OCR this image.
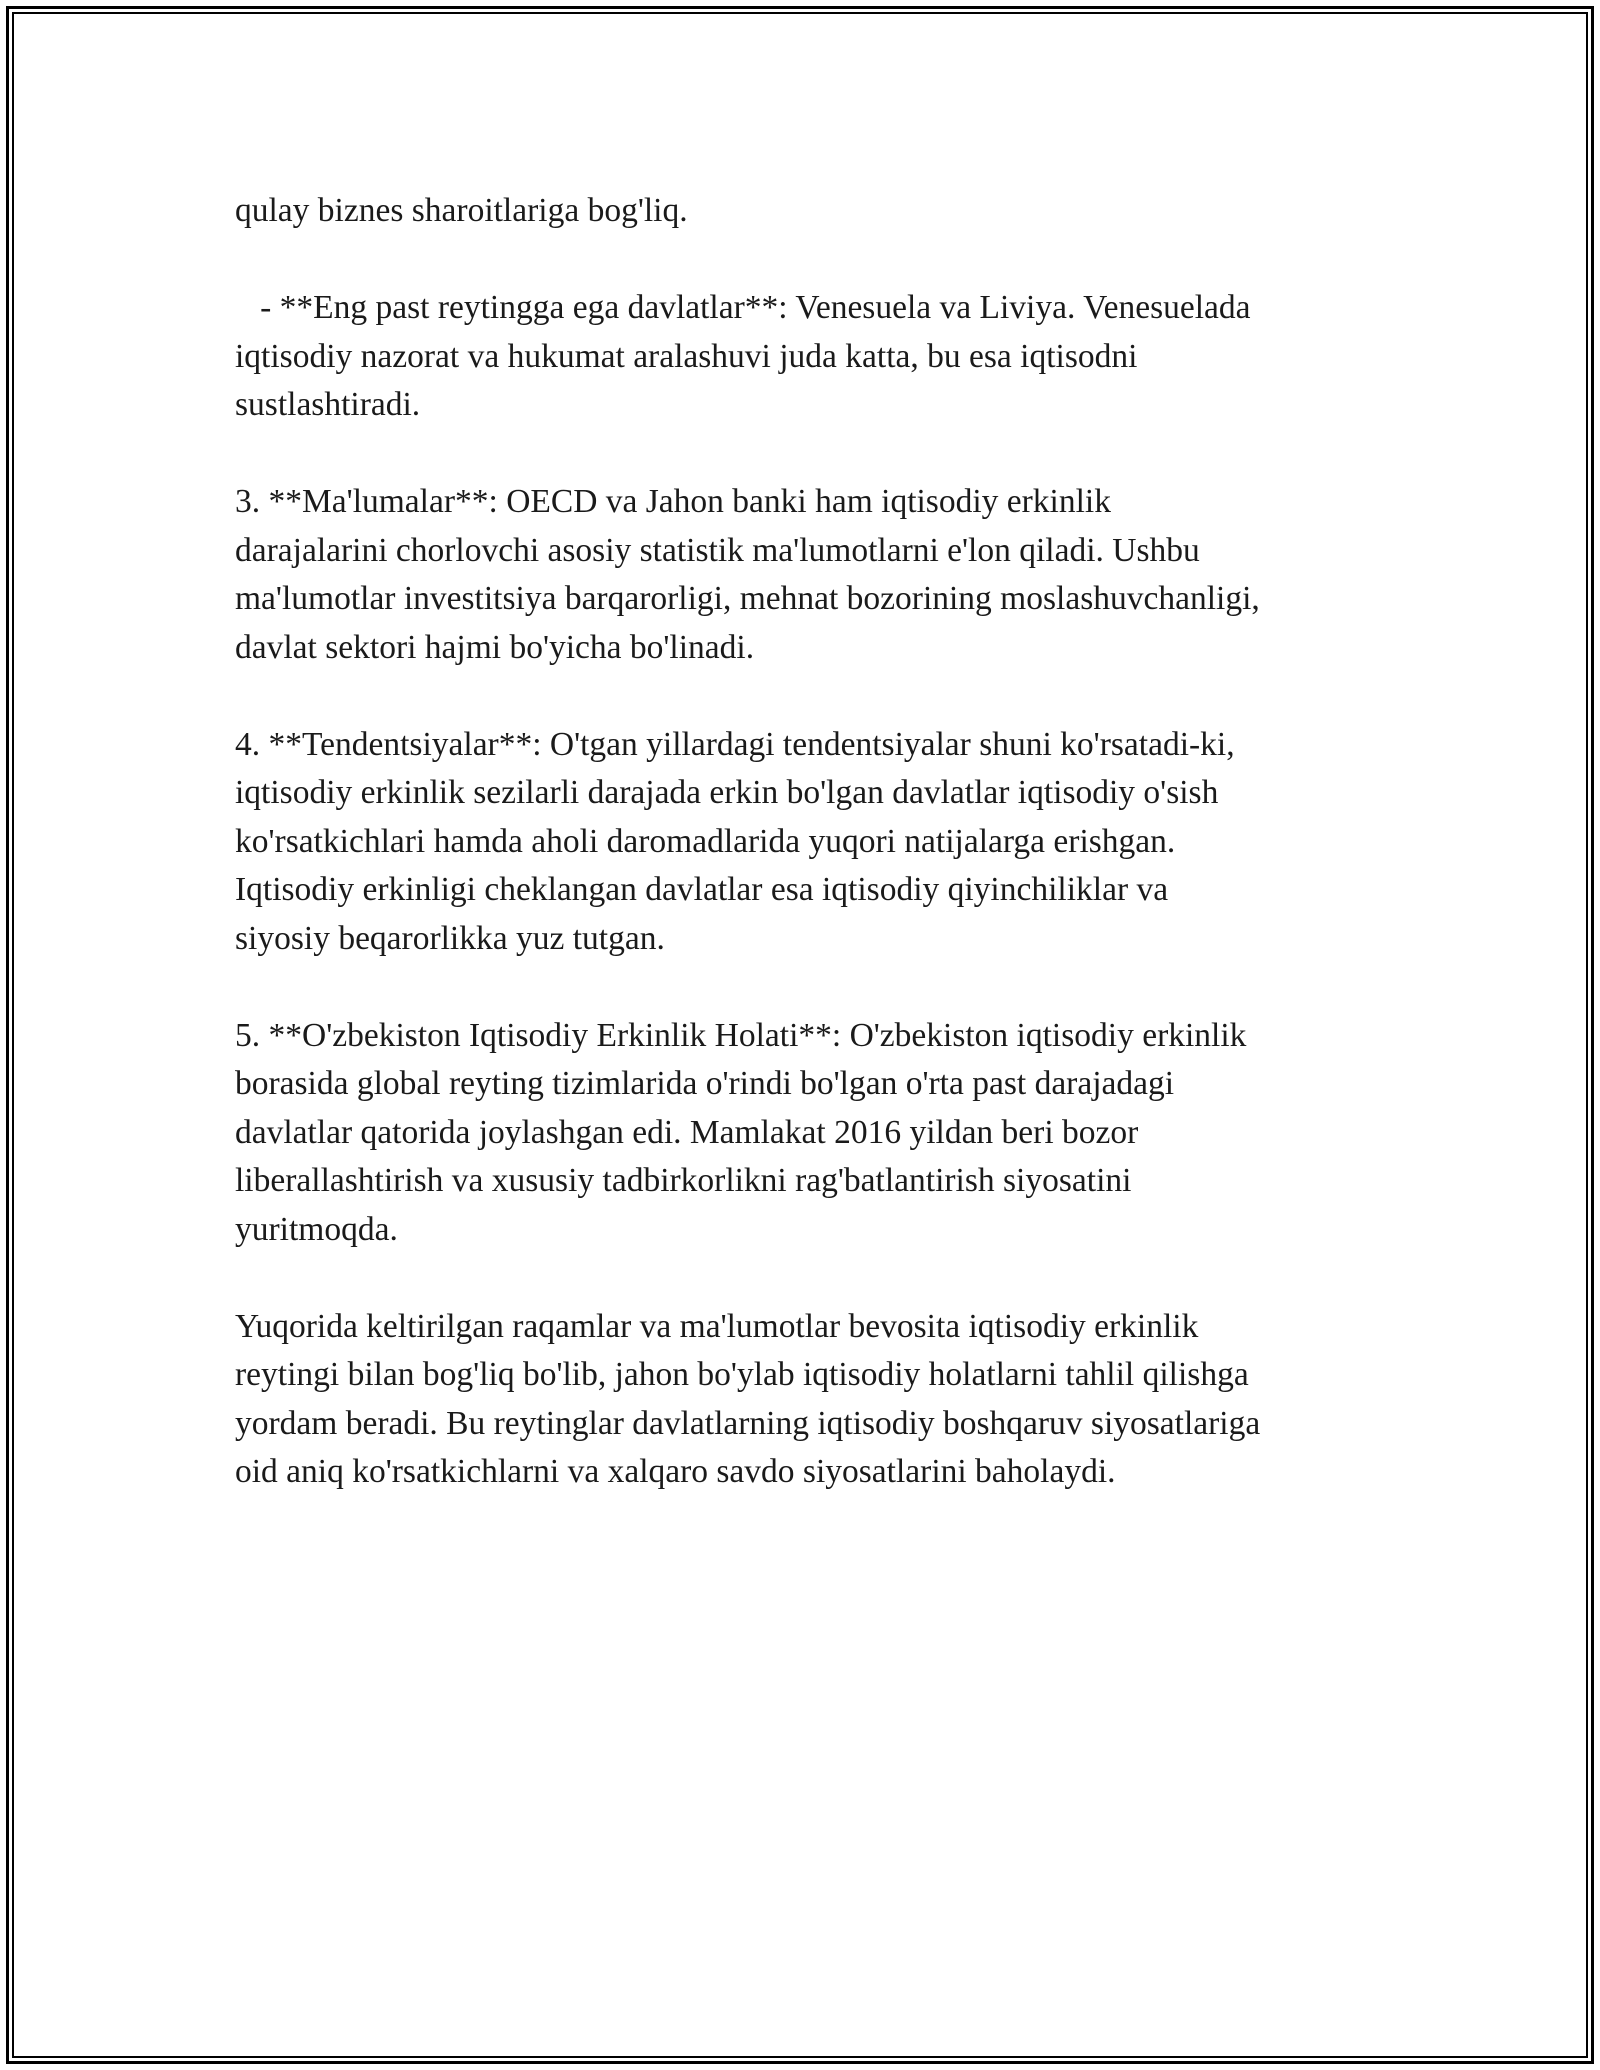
qulay biznes sharoitlariga bog'liq.
- **Eng past reytingga ega davlatlar**: Venesuela va Liviya. Venesuelada
iqtisodiy nazorat va hukumat aralashuvi juda katta, bu esa iqtisodni
sustlashtiradi.
3. **Ma'lumalar**: OECD va Jahon banki ham iqtisodiy erkinlik
darajalarini chorlovchi asosiy statistik ma'lumotlarni e'lon qiladi. Ushbu
ma'lumotlar investitsiya barqarorligi, mehnat bozorining moslashuvchanligi,
davlat sektori hajmi bo'yicha bo'linadi.
4. **Tendentsiyalar**: O'tgan yillardagi tendentsiyalar shuni ko'rsatadi-ki,
iqtisodiy erkinlik sezilarli darajada erkin bo'lgan davlatlar iqtisodiy o'sish
ko'rsatkichlari hamda aholi daromadlarida yuqori natijalarga erishgan.
Iqtisodiy erkinligi cheklangan davlatlar esa iqtisodiy qiyinchiliklar va
siyosiy beqarorlikka yuz tutgan.
5. **O'zbekiston Iqtisodiy Erkinlik Holati**: O'zbekiston iqtisodiy erkinlik
borasida global reyting tizimlarida o'rindi bo'lgan o'rta past darajadagi
davlatlar qatorida joylashgan edi. Mamlakat 2016 yildan beri bozor
liberallashtirish va xususiy tadbirkorlikni rag'batlantirish siyosatini
yuritmoqda.
Yuqorida keltirilgan raqamlar va ma'lumotlar bevosita iqtisodiy erkinlik
reytingi bilan bog'liq bo'lib, jahon bo'ylab iqtisodiy holatlarni tahlil qilishga
yordam beradi. Bu reytinglar davlatlarning iqtisodiy boshqaruv siyosatlariga
oid aniq ko'rsatkichlarni va xalqaro savdo siyosatlarini baholaydi.
